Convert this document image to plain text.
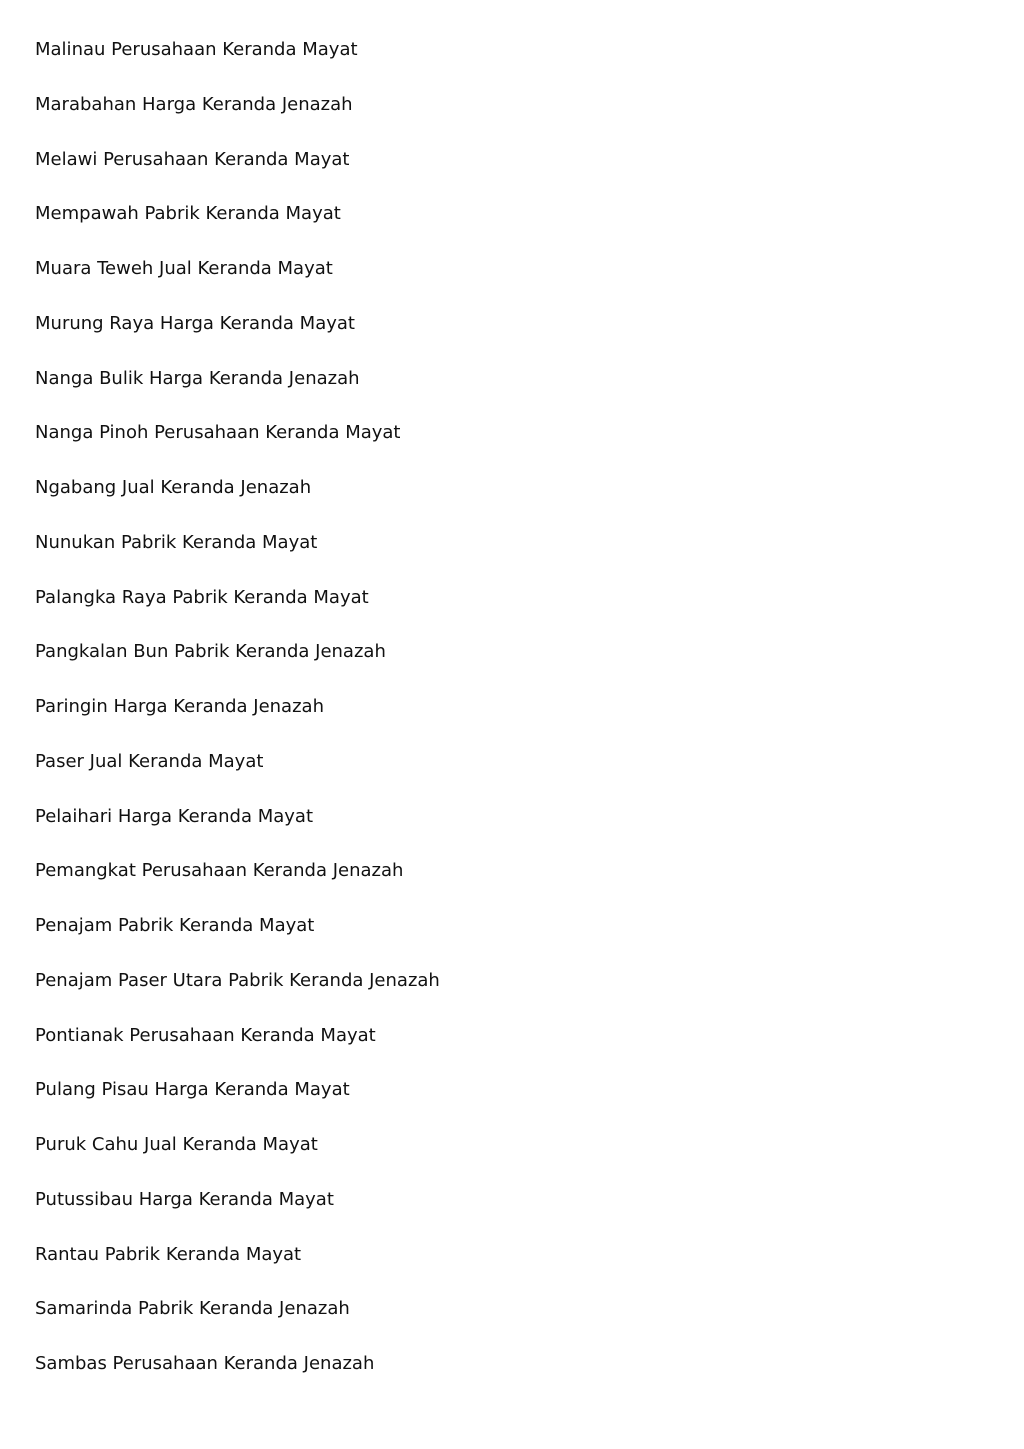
Malinau Perusahaan Keranda Mayat
Marabahan Harga Keranda Jenazah
Melawi Perusahaan Keranda Mayat
Mempawah Pabrik Keranda Mayat
Muara Teweh Jual Keranda Mayat
Murung Raya Harga Keranda Mayat
Nanga Bulik Harga Keranda Jenazah
Nanga Pinoh Perusahaan Keranda Mayat
Ngabang Jual Keranda Jenazah
Nunukan Pabrik Keranda Mayat
Palangka Raya Pabrik Keranda Mayat
Pangkalan Bun Pabrik Keranda Jenazah
Paringin Harga Keranda Jenazah
Paser Jual Keranda Mayat
Pelaihari Harga Keranda Mayat
Pemangkat Perusahaan Keranda Jenazah
Penajam Pabrik Keranda Mayat
Penajam Paser Utara Pabrik Keranda Jenazah
Pontianak Perusahaan Keranda Mayat
Pulang Pisau Harga Keranda Mayat
Puruk Cahu Jual Keranda Mayat
Putussibau Harga Keranda Mayat
Rantau Pabrik Keranda Mayat
Samarinda Pabrik Keranda Jenazah
Sambas Perusahaan Keranda Jenazah
